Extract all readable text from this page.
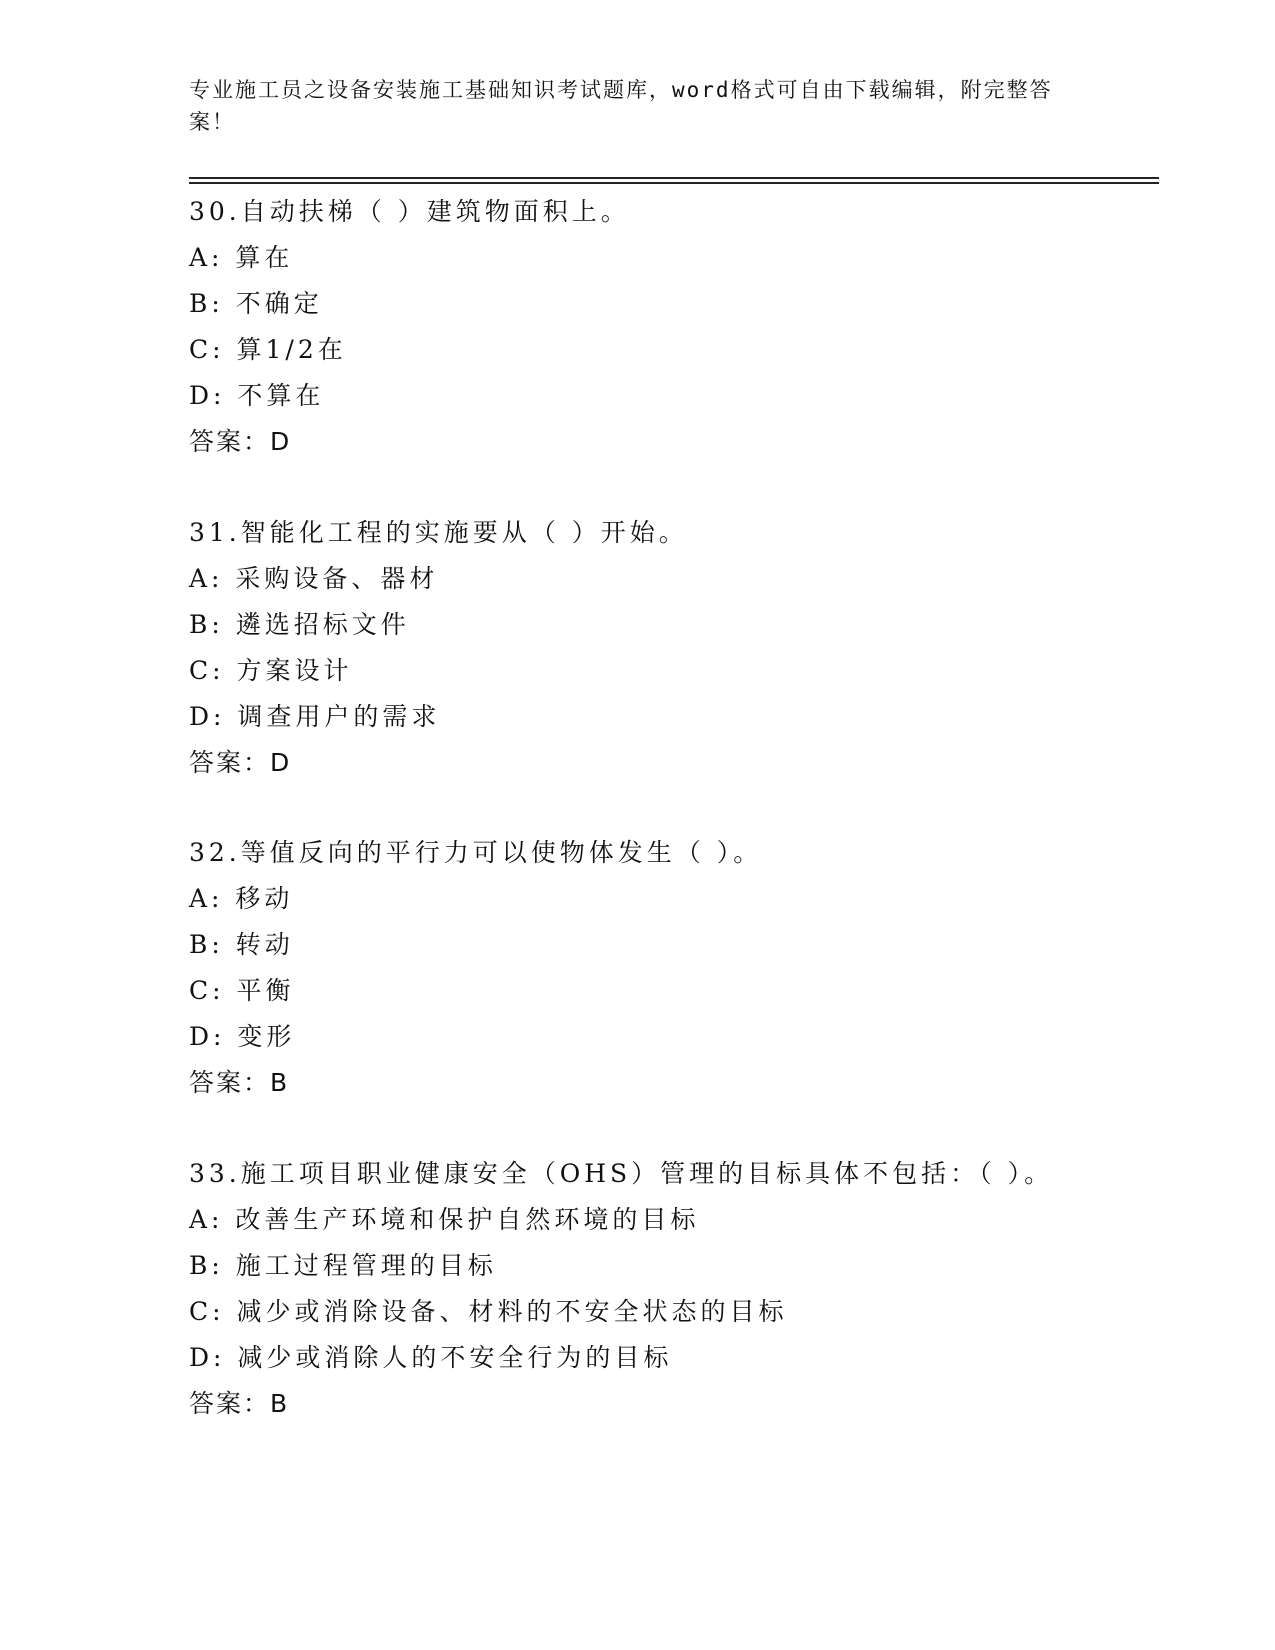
专业施工员之设备安装施工基础知识考试题库，word格式可自由下载编辑，附完整答案！
30.自动扶梯（ ）建筑物面积上。
A: 算在
B: 不确定
C: 算1/2在
D: 不算在
答案：D
31.智能化工程的实施要从（ ）开始。
A: 采购设备、器材
B: 遴选招标文件
C: 方案设计
D: 调查用户的需求
答案：D
32.等值反向的平行力可以使物体发生（ ）。
A: 移动
B: 转动
C: 平衡
D: 变形
答案：B
33.施工项目职业健康安全（OHS）管理的目标具体不包括：（ ）。
A: 改善生产环境和保护自然环境的目标
B: 施工过程管理的目标
C: 减少或消除设备、材料的不安全状态的目标
D: 减少或消除人的不安全行为的目标
答案：B
